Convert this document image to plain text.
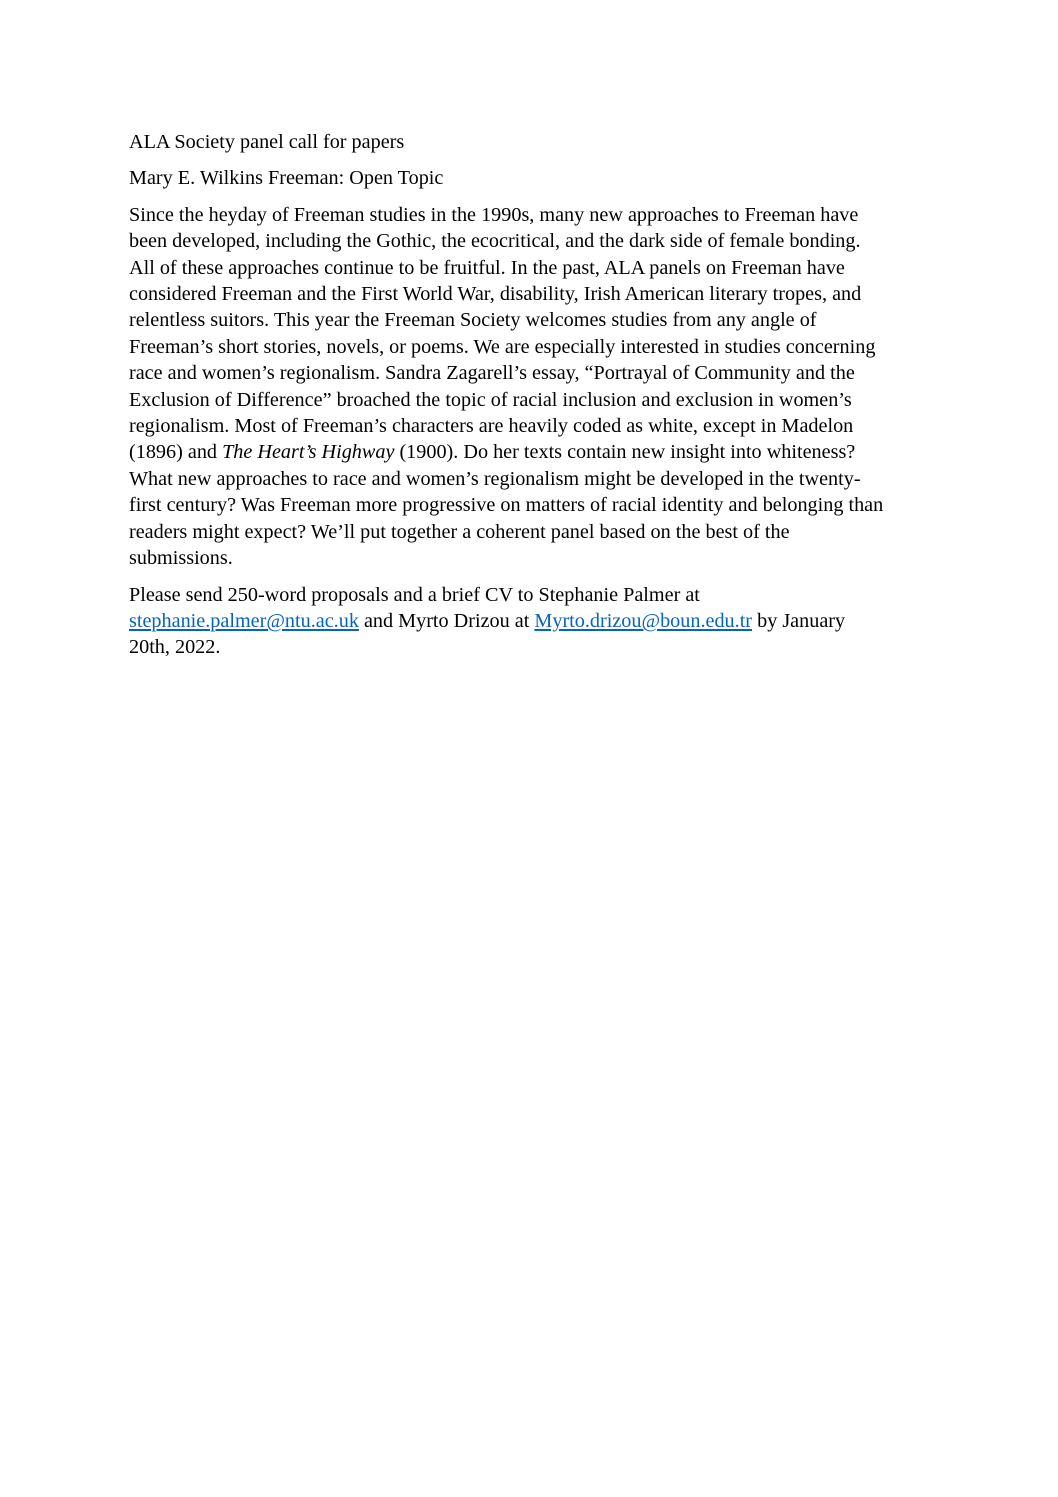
ALA Society panel call for papers

Mary E. Wilkins Freeman: Open Topic

Since the heyday of Freeman studies in the 1990s, many new approaches to Freeman have
been developed, including the Gothic, the ecocritical, and the dark side of female bonding.
All of these approaches continue to be fruitful. In the past, ALA panels on Freeman have
considered Freeman and the First World War, disability, Irish American literary tropes, and
relentless suitors. This year the Freeman Society welcomes studies from any angle of
Freeman’s short stories, novels, or poems. We are especially interested in studies concerning
race and women’s regionalism. Sandra Zagarell’s essay, “Portrayal of Community and the
Exclusion of Difference” broached the topic of racial inclusion and exclusion in women’s
regionalism. Most of Freeman’s characters are heavily coded as white, except in Madelon
(1896) and The Heart’s Highway (1900). Do her texts contain new insight into whiteness?
What new approaches to race and women’s regionalism might be developed in the twenty-
first century? Was Freeman more progressive on matters of racial identity and belonging than
readers might expect? We’ll put together a coherent panel based on the best of the
submissions.

Please send 250-word proposals and a brief CV to Stephanie Palmer at
stephanie.palmer@ntu.ac.uk and Myrto Drizou at Myrto.drizou@boun.edu.tr by January
20th, 2022.
